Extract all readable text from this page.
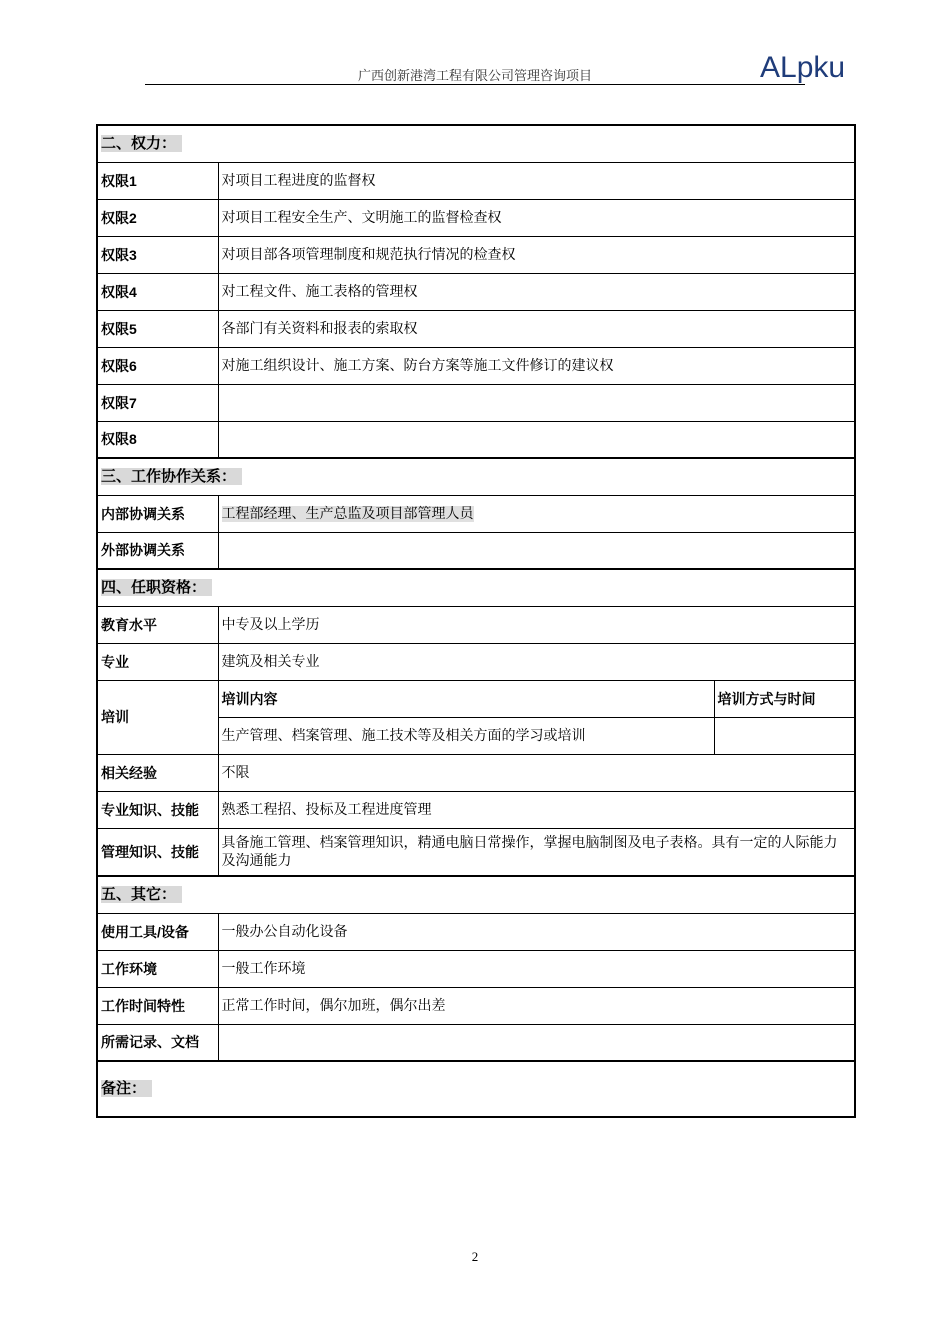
广西创新港湾工程有限公司管理咨询项目	ALpku
二、权力：		
权限1	对项目工程进度的监督权	
权限2	对项目工程安全生产、文明施工的监督检查权	
权限3	对项目部各项管理制度和规范执行情况的检查权	
权限4	对工程文件、施工表格的管理权	
权限5	各部门有关资料和报表的索取权	
权限6	对施工组织设计、施工方案、防台方案等施工文件修订的建议权	
权限7		
权限8		
三、工作协作关系：		
内部协调关系	工程部经理、生产总监及项目部管理人员	
外部协调关系		
四、任职资格：		
教育水平	中专及以上学历	
专业	建筑及相关专业	
培训	培训内容	培训方式与时间
	生产管理、档案管理、施工技术等及相关方面的学习或培训	
相关经验	不限	
专业知识、技能	熟悉工程招、投标及工程进度管理	
管理知识、技能	具备施工管理、档案管理知识，精通电脑日常操作，掌握电脑制图及电子表格。具有一定的人际能力及沟通能力	
五、其它：		
使用工具/设备	一般办公自动化设备	
工作环境	一般工作环境	
工作时间特性	正常工作时间，偶尔加班，偶尔出差	
所需记录、文档		
备注：		
2
